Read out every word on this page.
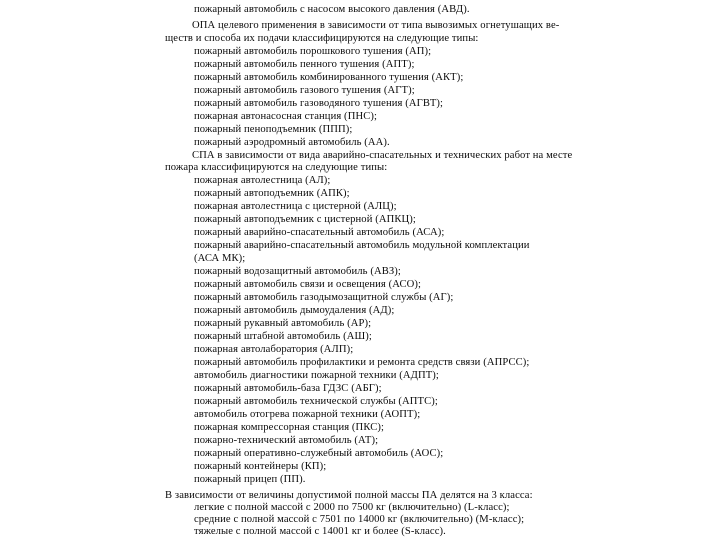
пожарный автомобиль с насосом высокого давления (АВД).
ОПА целевого применения в зависимости от типа вывозимых огнетушащих ве-
ществ и способа их подачи классифицируются на следующие типы:
пожарный автомобиль порошкового тушения (АП);
пожарный автомобиль пенного тушения (АПТ);
пожарный автомобиль комбинированного тушения (АКТ);
пожарный автомобиль газового тушения (АГТ);
пожарный автомобиль газоводяного тушения (АГВТ);
пожарная автонасосная станция (ПНС);
пожарный пеноподъемник (ППП);
пожарный аэродромный автомобиль (АА).
СПА в зависимости от вида аварийно-спасательных и технических работ на месте
пожара классифицируются на следующие типы:
пожарная автолестница (АЛ);
пожарный автоподъемник (АПК);
пожарная автолестница с цистерной (АЛЦ);
пожарный автоподъемник с цистерной (АПКЦ);
пожарный аварийно-спасательный автомобиль (АСА);
пожарный аварийно-спасательный автомобиль модульной комплектации
(АСА МК);
пожарный водозащитный автомобиль (АВЗ);
пожарный автомобиль связи и освещения (АСО);
пожарный автомобиль газодымозащитной службы (АГ);
пожарный автомобиль дымоудаления (АД);
пожарный рукавный автомобиль (АР);
пожарный штабной автомобиль (АШ);
пожарная автолаборатория (АЛП);
пожарный автомобиль профилактики и ремонта средств связи (АПРСС);
автомобиль диагностики пожарной техники (АДПТ);
пожарный автомобиль-база ГДЗС (АБГ);
пожарный автомобиль технической службы (АПТС);
автомобиль отогрева пожарной техники (АОПТ);
пожарная компрессорная станция (ПКС);
пожарно-технический автомобиль (АТ);
пожарный оперативно-служебный автомобиль (АОС);
пожарный контейнеры (КП);
пожарный прицеп (ПП).
В зависимости от величины допустимой полной массы ПА делятся на 3 класса:
легкие с полной массой с 2000 по 7500 кг (включительно) (L-класс);
средние с полной массой с 7501 по 14000 кг (включительно) (М-класс);
тяжелые с полной массой с 14001 кг и более (S-класс).
